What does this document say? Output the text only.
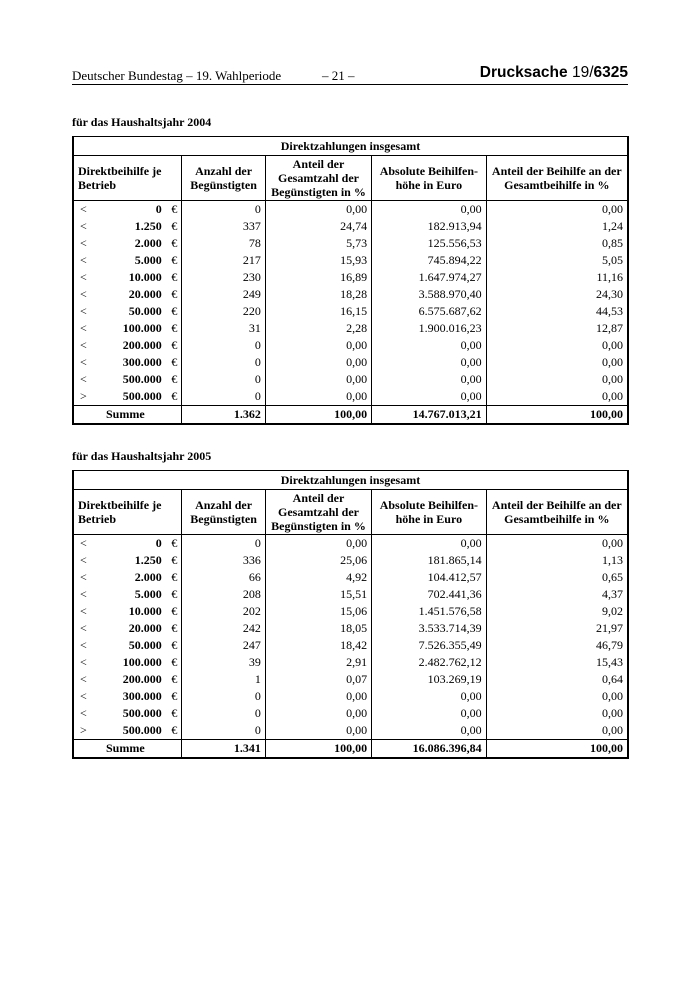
Deutscher Bundestag – 19. Wahlperiode	– 21 –	Drucksache 19/6325
für das Haushaltsjahr 2004
Direktzahlungen insgesamt						
Direktbeihilfe je Betrieb			Anzahl der Begünstigten	Anteil der Gesamtzahl der Begünstigten in %	Absolute Beihilfen-höhe in Euro	Anteil der Beihilfe an der Gesamtbeihilfe in %
<	0	€	0	0,00	0,00	0,00
<	1.250	€	337	24,74	182.913,94	1,24
<	2.000	€	78	5,73	125.556,53	0,85
<	5.000	€	217	15,93	745.894,22	5,05
<	10.000	€	230	16,89	1.647.974,27	11,16
<	20.000	€	249	18,28	3.588.970,40	24,30
<	50.000	€	220	16,15	6.575.687,62	44,53
<	100.000	€	31	2,28	1.900.016,23	12,87
<	200.000	€	0	0,00	0,00	0,00
<	300.000	€	0	0,00	0,00	0,00
<	500.000	€	0	0,00	0,00	0,00
>	500.000	€	0	0,00	0,00	0,00
Summe			1.362	100,00	14.767.013,21	100,00
für das Haushaltsjahr 2005
Direktzahlungen insgesamt						
Direktbeihilfe je Betrieb			Anzahl der Begünstigten	Anteil der Gesamtzahl der Begünstigten in %	Absolute Beihilfen-höhe in Euro	Anteil der Beihilfe an der Gesamtbeihilfe in %
<	0	€	0	0,00	0,00	0,00
<	1.250	€	336	25,06	181.865,14	1,13
<	2.000	€	66	4,92	104.412,57	0,65
<	5.000	€	208	15,51	702.441,36	4,37
<	10.000	€	202	15,06	1.451.576,58	9,02
<	20.000	€	242	18,05	3.533.714,39	21,97
<	50.000	€	247	18,42	7.526.355,49	46,79
<	100.000	€	39	2,91	2.482.762,12	15,43
<	200.000	€	1	0,07	103.269,19	0,64
<	300.000	€	0	0,00	0,00	0,00
<	500.000	€	0	0,00	0,00	0,00
>	500.000	€	0	0,00	0,00	0,00
Summe			1.341	100,00	16.086.396,84	100,00
